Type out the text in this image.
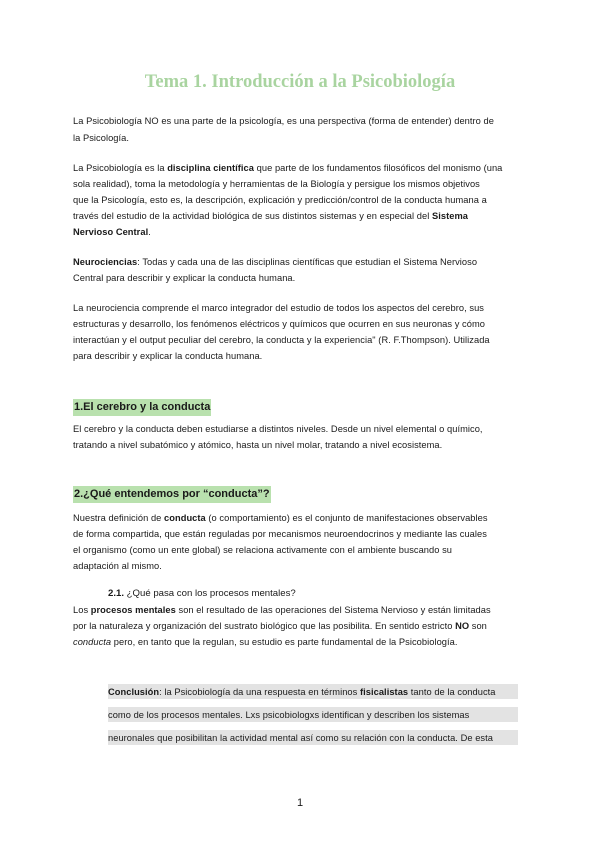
Tema 1. Introducción a la Psicobiología
1.El cerebro y la conducta
2.¿Qué entendemos por “conducta”?
2.1. ¿Qué pasa con los procesos mentales?
La Psicobiología NO es una parte de la psicología, es una perspectiva (forma de entender) dentro de
la Psicología.
La Psicobiología es la disciplina científica que parte de los fundamentos filosóficos del monismo (una
sola realidad), toma la metodología y herramientas de la Biología y persigue los mismos objetivos
que la Psicología, esto es, la descripción, explicación y predicción/control de la conducta humana a
través del estudio de la actividad biológica de sus distintos sistemas y en especial del Sistema
Nervioso Central.
Neurociencias: Todas y cada una de las disciplinas científicas que estudian el Sistema Nervioso
Central para describir y explicar la conducta humana.
La neurociencia comprende el marco integrador del estudio de todos los aspectos del cerebro, sus
estructuras y desarrollo, los fenómenos eléctricos y químicos que ocurren en sus neuronas y cómo
interactúan y el output peculiar del cerebro, la conducta y la experiencia" (R. F.Thompson). Utilizada
para describir y explicar la conducta humana.
El cerebro y la conducta deben estudiarse a distintos niveles. Desde un nivel elemental o químico,
tratando a nivel subatómico y atómico, hasta un nivel molar, tratando a nivel ecosistema.
Nuestra definición de conducta (o comportamiento) es el conjunto de manifestaciones observables
de forma compartida, que están reguladas por mecanismos neuroendocrinos y mediante las cuales
el organismo (como un ente global) se relaciona activamente con el ambiente buscando su
adaptación al mismo.
Los procesos mentales son el resultado de las operaciones del Sistema Nervioso y están limitadas
por la naturaleza y organización del sustrato biológico que las posibilita. En sentido estricto NO son
conducta pero, en tanto que la regulan, su estudio es parte fundamental de la Psicobiología.
Conclusión: la Psicobiología da una respuesta en términos fisicalistas tanto de la conducta
como de los procesos mentales. Lxs psicobiologxs identifican y describen los sistemas
neuronales que posibilitan la actividad mental así como su relación con la conducta. De esta
1
